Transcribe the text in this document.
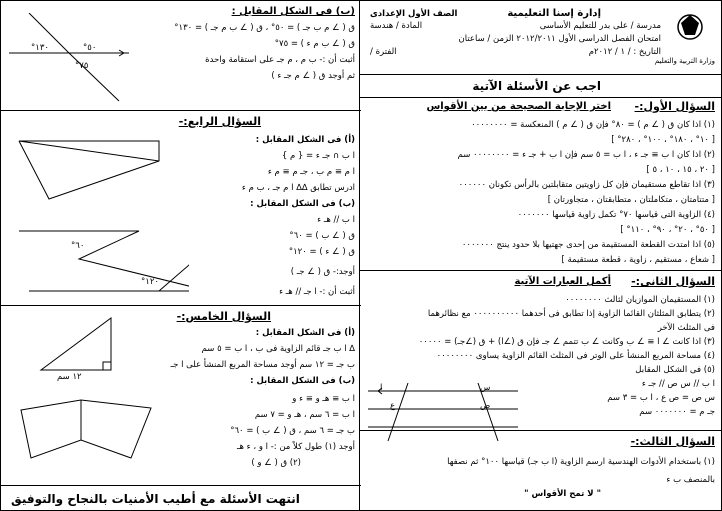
وزارة التربية والتعليم
إدارة إسنا التعليمية
مدرسة / على بدر للتعليم الأساسى
امتحان الفصل الدراسى الأول ٢٠١٢/٢٠١١ الزمن / ساعتان
التاريخ : / ١ / ٢٠١٢م
الصف الأول الإعدادى
المادة / هندسة
الفترة /
اجب عن الأسئلة الآتية
السؤال الأول:-
اختر الإجابة الصحيحة من بين الأقواس
(١) اذا كان ق ( ∠ م ) = ٨٠° فإن ق ( ∠ م ) المنعكسة = ٠٠٠٠٠٠٠٠
[ ١٠° ، ١٨٠° ، ١٠٠° ، ٢٨٠° ]
(٢) اذا كان ا ب ≡ جـ ء ، ا ب = ٥ سم فإن ا ب + جـ ء = ٠٠٠٠٠٠٠٠ سم
[ ٢٠ ، ١٥ ، ١٠ ، ٥ ]
(٣) اذا تقاطع مستقيمان فإن كل زاويتين متقابلتين بالرأس تكونان ٠٠٠٠٠٠
[ متتامتان ، متكاملتان ، متطابقتان ، متجاورتان ]
(٤) الزاوية التى قياسها ٧٠° تكمل زاوية قياسها ٠٠٠٠٠٠٠
[ ٥٠° ، ٢٠° ، ٩٠° ، ١١٠° ]
(٥) اذا امتدت القطعة المستقيمة من إحدى جهتيها بلا حدود ينتج ٠٠٠٠٠٠٠
[ شعاع ، مستقيم ، زاوية ، قطعة مستقيمة ]
السؤال الثانى:-
أكمل العبارات الآتية
(١) المستقيمان الموازيان لثالث ٠٠٠٠٠٠٠٠
(٢) يتطابق المثلثان القائما الزاوية إذا تطابق فى أحدهما ٠٠٠٠٠٠٠٠٠٠ مع نظائرهما
فى المثلث الآخر
(٣) اذا كانت ∠ ا ≡ ∠ ب وكانت ∠ ب تتمم ∠ جـ فإن ق (∠ا) + ق (∠جـ) = ٠٠٠٠٠
(٤) مساحة المربع المنشأ على الوتر فى المثلث القائم الزاوية يساوى ٠٠٠٠٠٠٠٠
(٥) فى الشكل المقابل
ا ب // س ص // جـ ء
س ص = ص ع ، ا ب = ٣ سم
جـ م = ٠٠٠٠٠٠٠ سم
س
ص
ع
ا
السؤال الثالث:-
(١) باستخدام الأدوات الهندسية ارسم الزاوية (ا ب جـ) قياسها ١٠٠° ثم نصفها
بالمنصف ب ء
" لا تمح الأقواس "
(ب) فى الشكل المقابل :
ق ( ∠ م ب جـ ) = ٥٠° ، ق ( ∠ ب م جـ ) = ١٣٠°
ق ( ∠ ب م ء ) = ٧٥°
أثبت أن :- ب م ، م جـ على استقامة واحدة
ثم أوجد ق ( ∠ م جـ ء )
١٣٠°	٥٠°
٧٥°
السؤال الرابع:-
(أ) فى الشكل المقابل :
ا ب ∩ جـ ء = { م }
ا م ≡ م ب ، جـ م ≡ م ء
ادرس تطابق ∆∆ ا م جـ ، ب م ء
(ب) فى الشكل المقابل :
ا ب // هـ ء
ق ( ∠ ب ) = ٦٠°
ق ( ∠ ء ) = ١٢٠°
أوجد:- ق ( ∠ جـ )
أثبت أن :- ا جـ // هـ ء
٦٠°
١٢٠°
السؤال الخامس:-
(أ) فى الشكل المقابل :
∆ ا ب جـ قائم الزاوية فى ب ، ا ب = ٥ سم
ب جـ = ١٢ سم أوجد مساحة المربع المنشأ على ا جـ
(ب) فى الشكل المقابل :
ا ب ≡ هـ و ≡ ء و
ا ب = ٦ سم ، هـ و = ٧ سم
ب جـ = ٦ سم ، ق ( ∠ ب ) = ٦٠°
أوجد (١) طول كلاً من :- ا و ، ء هـ
(٢) ق ( ∠ و )
١٢ سم
انتهت الأسئلة مع أطيب الأمنيات بالنجاح والتوفيق
